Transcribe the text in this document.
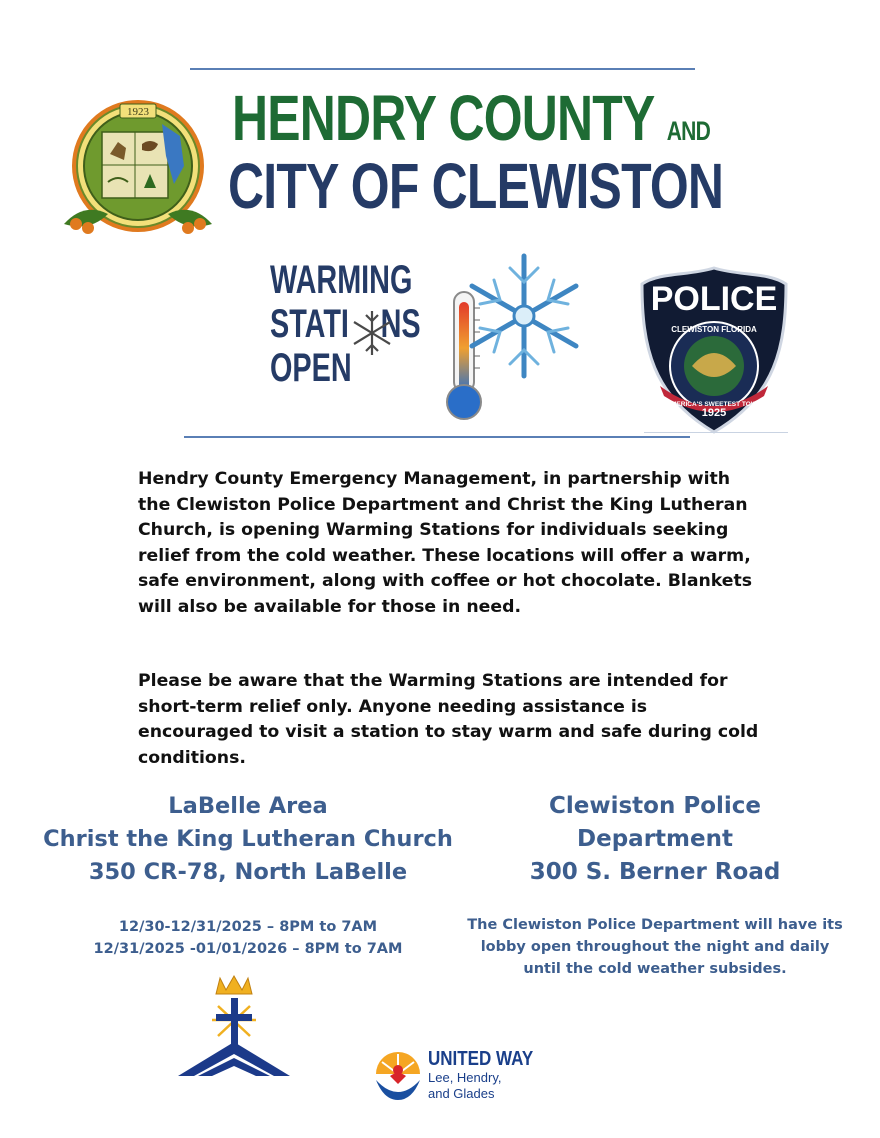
1923 HENDRY COUNTY AND
CITY OF CLEWISTON
WARMING
STATI NS
OPEN
POLICE
CLEWISTON FLORIDA
AMERICA'S SWEETEST TOWN
1925
Hendry County Emergency Management, in partnership with the Clewiston Police Department and Christ the King Lutheran Church, is opening Warming Stations for individuals seeking relief from the cold weather. These locations will offer a warm, safe environment, along with coffee or hot chocolate. Blankets will also be available for those in need.
Please be aware that the Warming Stations are intended for short-term relief only. Anyone needing assistance is encouraged to visit a station to stay warm and safe during cold conditions.
LaBelle Area
Christ the King Lutheran Church
350 CR-78, North LaBelle
12/30-12/31/2025 – 8PM to 7AM
12/31/2025 -01/01/2026 – 8PM to 7AM
Clewiston Police
Department
300 S. Berner Road
The Clewiston Police Department will have its
lobby open throughout the night and daily
until the cold weather subsides.
UNITED WAY
Lee, Hendry,
and Glades
